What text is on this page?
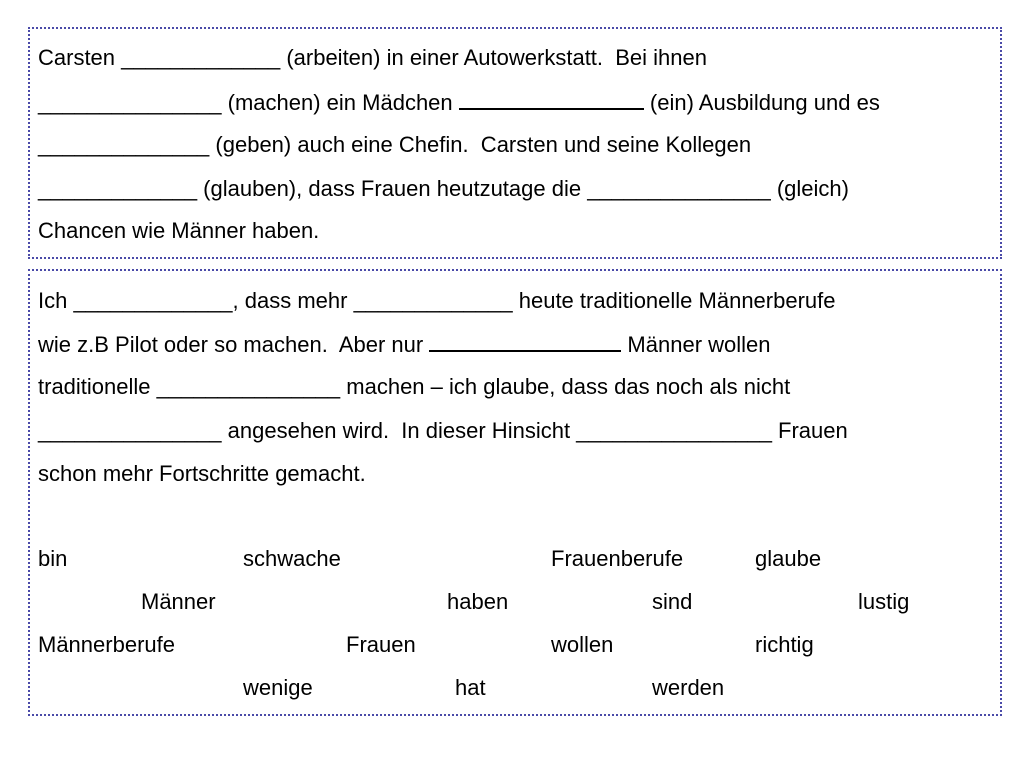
Carsten _____________ (arbeiten) in einer Autowerkstatt.  Bei ihnen
_______________ (machen) ein Mädchen	(ein) Ausbildung und es
______________ (geben) auch eine Chefin.  Carsten und seine Kollegen
_____________ (glauben), dass Frauen heutzutage die _______________ (gleich)
Chancen wie Männer haben.
Ich _____________, dass mehr _____________ heute traditionelle Männerberufe
wie z.B Pilot oder so machen.  Aber nur	Männer wollen
traditionelle _______________ machen – ich glaube, dass das noch als nicht
_______________ angesehen wird.  In dieser Hinsicht ________________ Frauen
schon mehr Fortschritte gemacht.
bin	schwache	Frauenberufe	glaube
Männer	haben	sind	lustig
Männerberufe	Frauen	wollen	richtig
wenige	hat	werden
